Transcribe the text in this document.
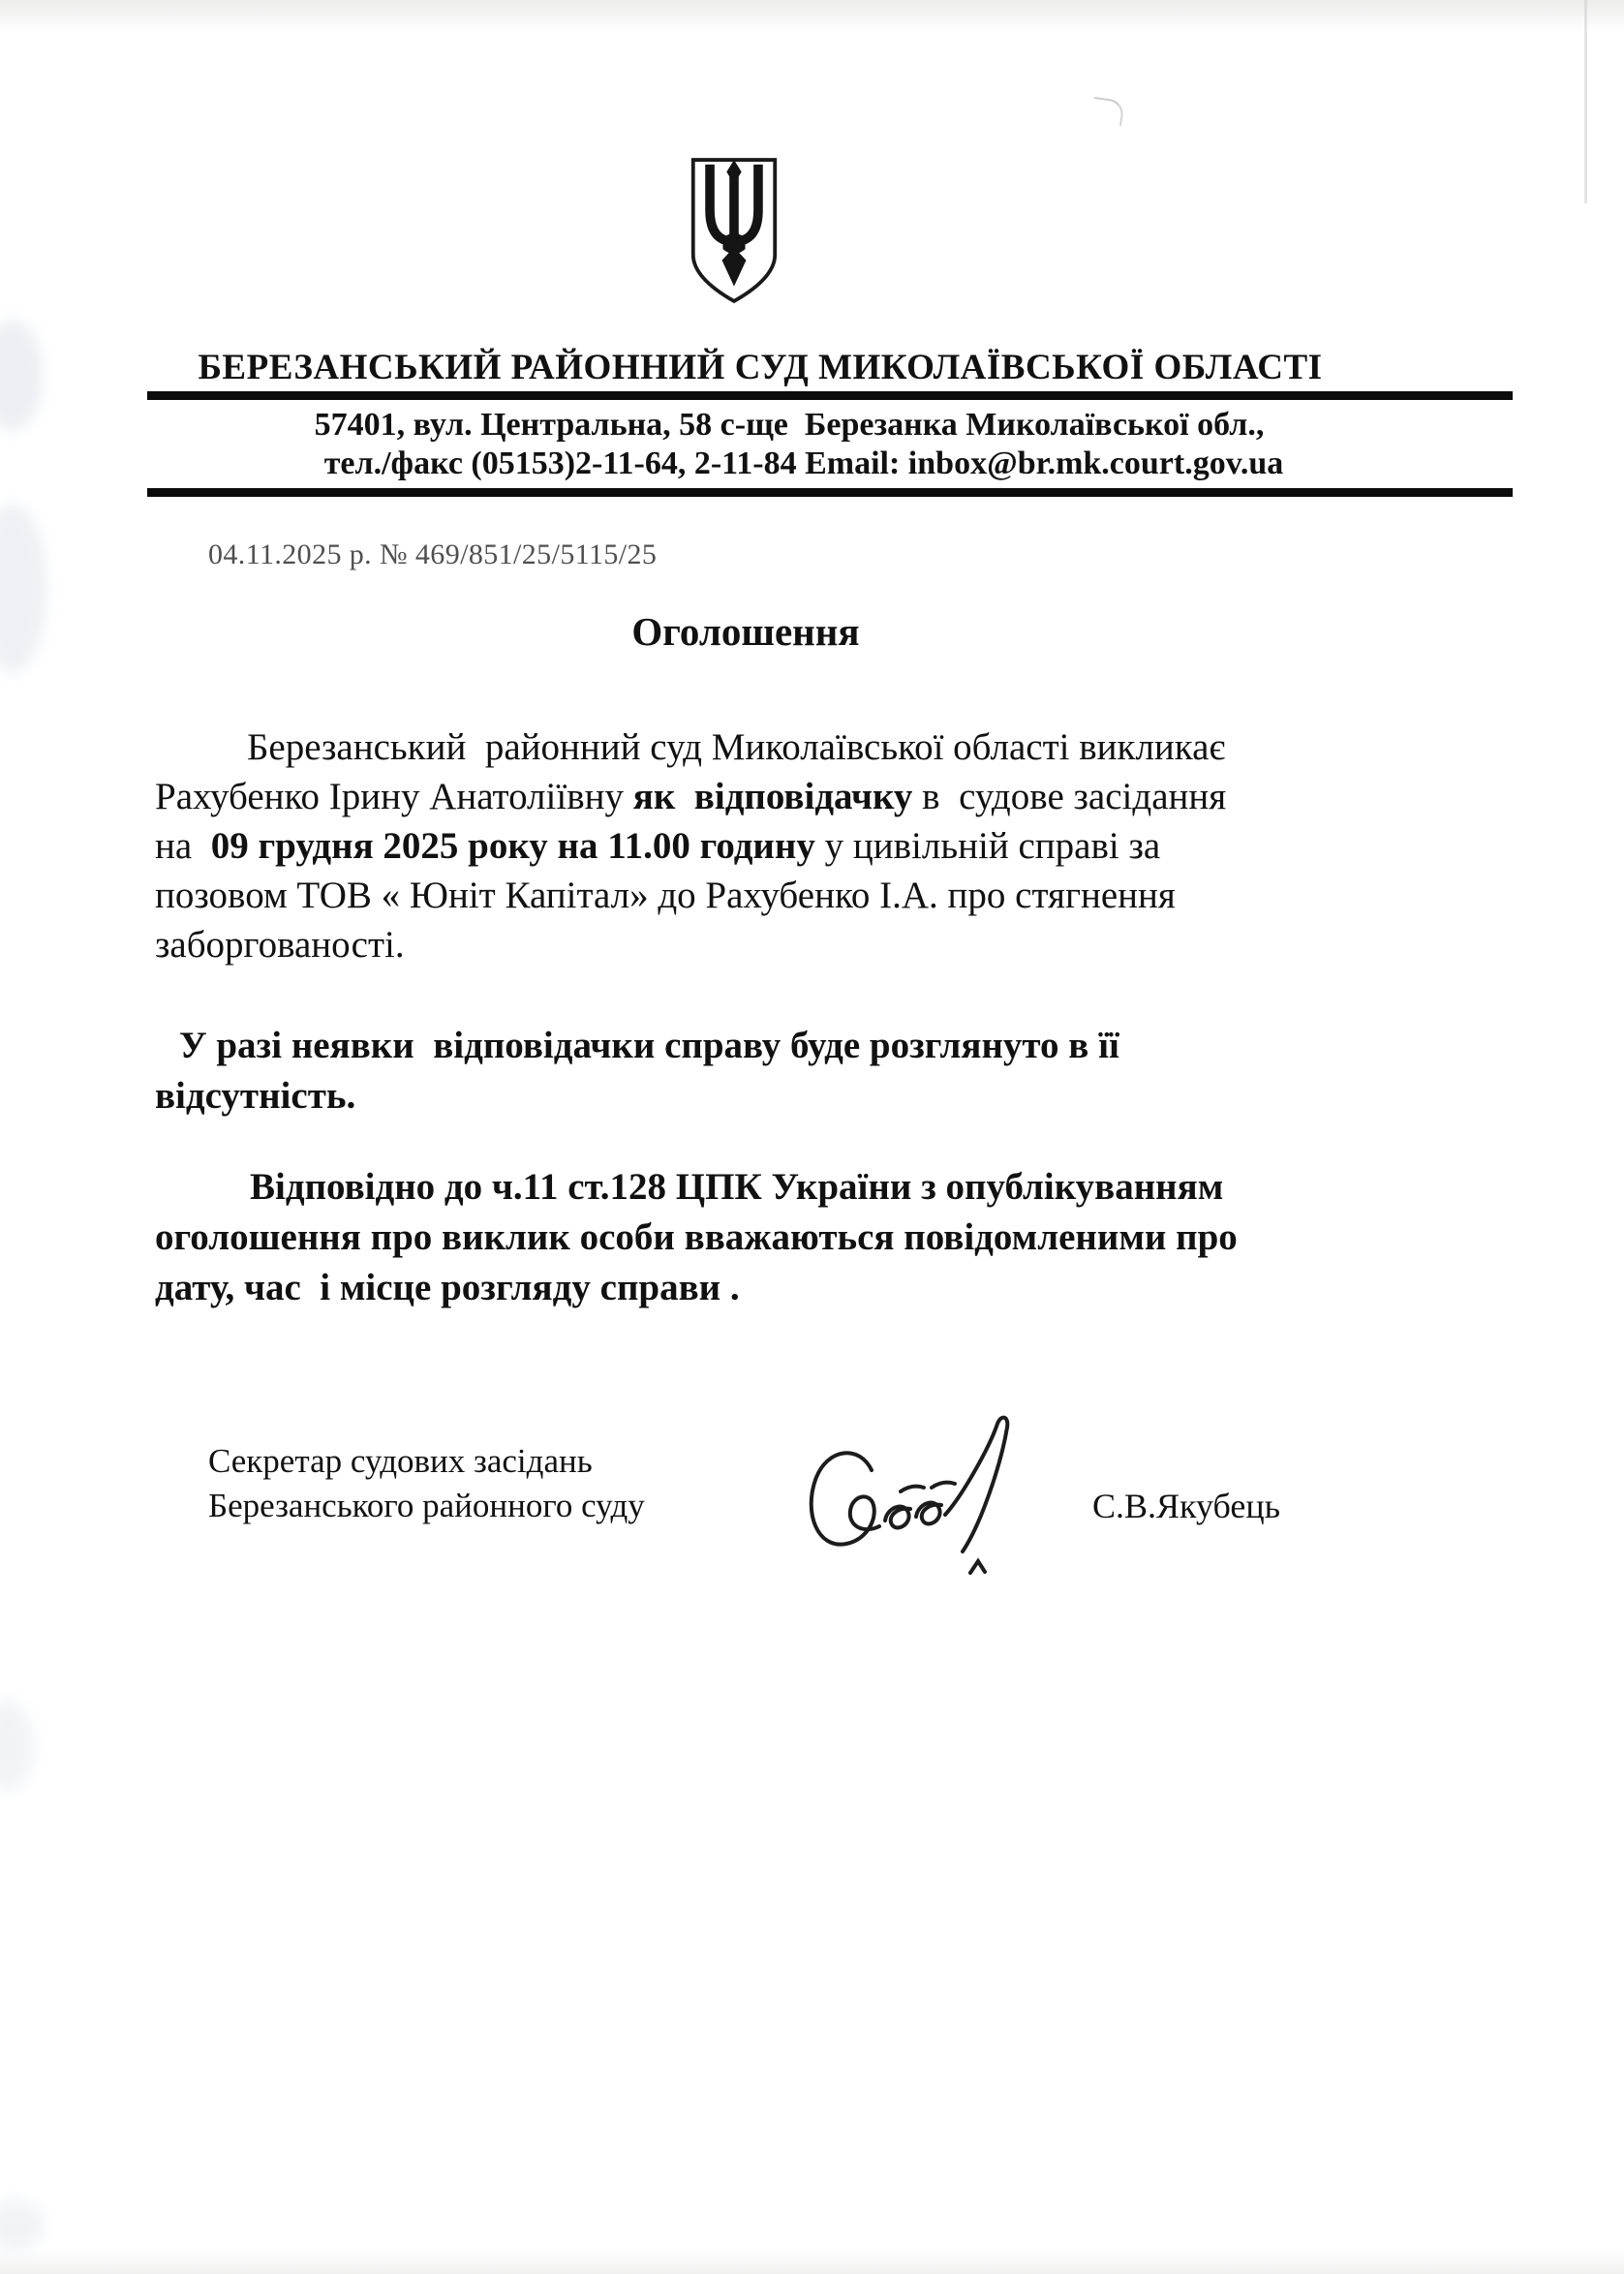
БЕРЕЗАНСЬКИЙ РАЙОННИЙ СУД МИКОЛАЇВСЬКОЇ ОБЛАСТІ
57401, вул. Центральна, 58 с-ще  Березанка Миколаївської обл.,
тел./факс (05153)2-11-64, 2-11-84 Email: inbox@br.mk.court.gov.ua
04.11.2025 р. № 469/851/25/5115/25
Оголошення
Березанський  районний суд Миколаївської області викликає
Рахубенко Ірину Анатоліївну як  відповідачку в  судове засідання
на  09 грудня 2025 року на 11.00 годину у цивільній справі за
позовом ТОВ « Юніт Капітал» до Рахубенко І.А. про стягнення
заборгованості.
У разі неявки  відповідачки справу буде розглянуто в її
відсутність.
Відповідно до ч.11 ст.128 ЦПК України з опублікуванням
оголошення про виклик особи вважаються повідомленими про
дату, час  і місце розгляду справи .
Секретар судових засідань
Березанського районного суду	С.В.Якубець
